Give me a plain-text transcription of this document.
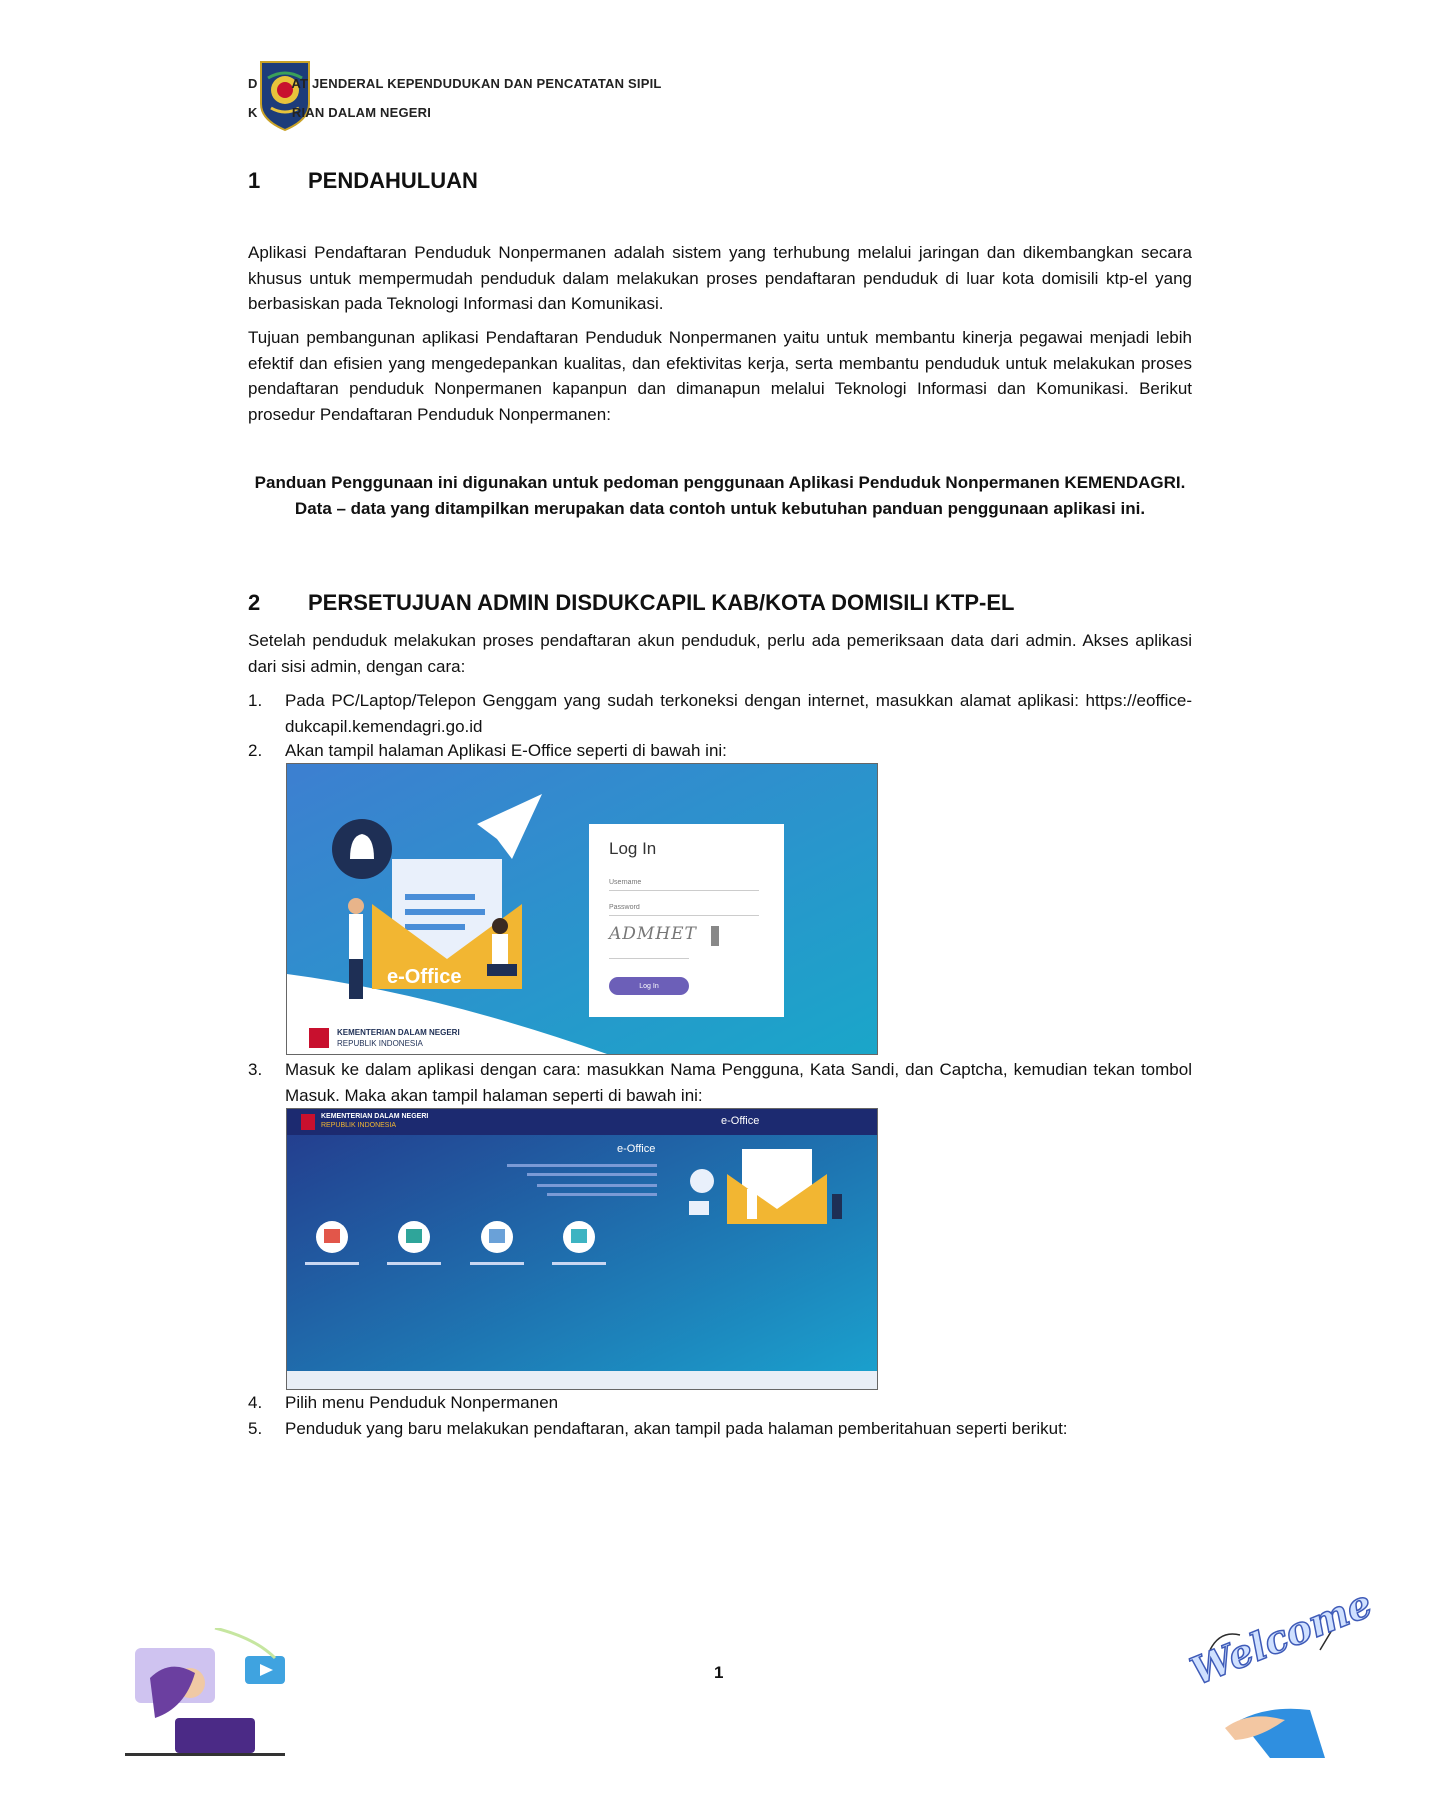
D         AT JENDERAL KEPENDUDUKAN DAN PENCATATAN SIPIL
K         RIAN DALAM NEGERI
1 PENDAHULUAN
Aplikasi Pendaftaran Penduduk Nonpermanen adalah sistem yang terhubung melalui jaringan dan dikembangkan secara khusus untuk mempermudah penduduk dalam melakukan proses pendaftaran penduduk di luar kota domisili ktp-el yang berbasiskan pada Teknologi Informasi dan Komunikasi.
Tujuan pembangunan aplikasi Pendaftaran Penduduk Nonpermanen yaitu untuk membantu kinerja pegawai menjadi lebih efektif dan efisien yang mengedepankan kualitas, dan efektivitas kerja, serta membantu penduduk untuk melakukan proses pendaftaran penduduk Nonpermanen kapanpun dan dimanapun melalui Teknologi Informasi dan Komunikasi. Berikut prosedur Pendaftaran Penduduk Nonpermanen:
Panduan Penggunaan ini digunakan untuk pedoman penggunaan Aplikasi Penduduk Nonpermanen KEMENDAGRI. Data – data yang ditampilkan merupakan data contoh untuk kebutuhan panduan penggunaan aplikasi ini.
2 PERSETUJUAN ADMIN DISDUKCAPIL KAB/KOTA DOMISILI KTP-EL
Setelah penduduk melakukan proses pendaftaran akun penduduk, perlu ada pemeriksaan data dari admin. Akses aplikasi dari sisi admin, dengan cara:
1. Pada PC/Laptop/Telepon Genggam yang sudah terkoneksi dengan internet, masukkan alamat aplikasi: https://eoffice-dukcapil.kemendagri.go.id
2. Akan tampil halaman Aplikasi E-Office seperti di bawah ini:

e-Office
KEMENTERIAN DALAM NEGERI
REPUBLIK INDONESIA
Log In
Username
Password
ADMHET
Log In
3. Masuk ke dalam aplikasi dengan cara: masukkan Nama Pengguna, Kata Sandi, dan Captcha, kemudian tekan tombol Masuk. Maka akan tampil halaman seperti di bawah ini:
KEMENTERIAN DALAM NEGERI
REPUBLIK INDONESIA	e-Office
e-Office
4. Pilih menu Penduduk Nonpermanen
5. Penduduk yang baru melakukan pendaftaran, akan tampil pada halaman pemberitahuan seperti berikut:
1	Welcome
